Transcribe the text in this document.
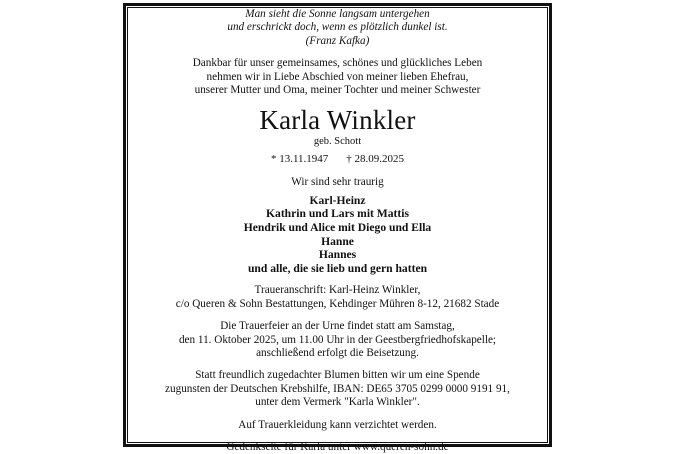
Man sieht die Sonne langsam untergehen
und erschrickt doch, wenn es plötzlich dunkel ist.
(Franz Kafka)
Dankbar für unser gemeinsames, schönes und glückliches Leben
nehmen wir in Liebe Abschied von meiner lieben Ehefrau,
unserer Mutter und Oma, meiner Tochter und meiner Schwester
Karla Winkler
geb. Schott
* 13.11.1947 † 28.09.2025
Wir sind sehr traurig
Karl-Heinz
Kathrin und Lars mit Mattis
Hendrik und Alice mit Diego und Ella
Hanne
Hannes
und alle, die sie lieb und gern hatten
Traueranschrift: Karl-Heinz Winkler,
c/o Queren & Sohn Bestattungen, Kehdinger Mühren 8-12, 21682 Stade
Die Trauerfeier an der Urne findet statt am Samstag,
den 11. Oktober 2025, um 11.00 Uhr in der Geestbergfriedhofskapelle;
anschließend erfolgt die Beisetzung.
Statt freundlich zugedachter Blumen bitten wir um eine Spende
zugunsten der Deutschen Krebshilfe, IBAN: DE65 3705 0299 0000 9191 91,
unter dem Vermerk "Karla Winkler".
Auf Trauerkleidung kann verzichtet werden.
Gedenkseite für Karla unter www.queren-sohn.de
